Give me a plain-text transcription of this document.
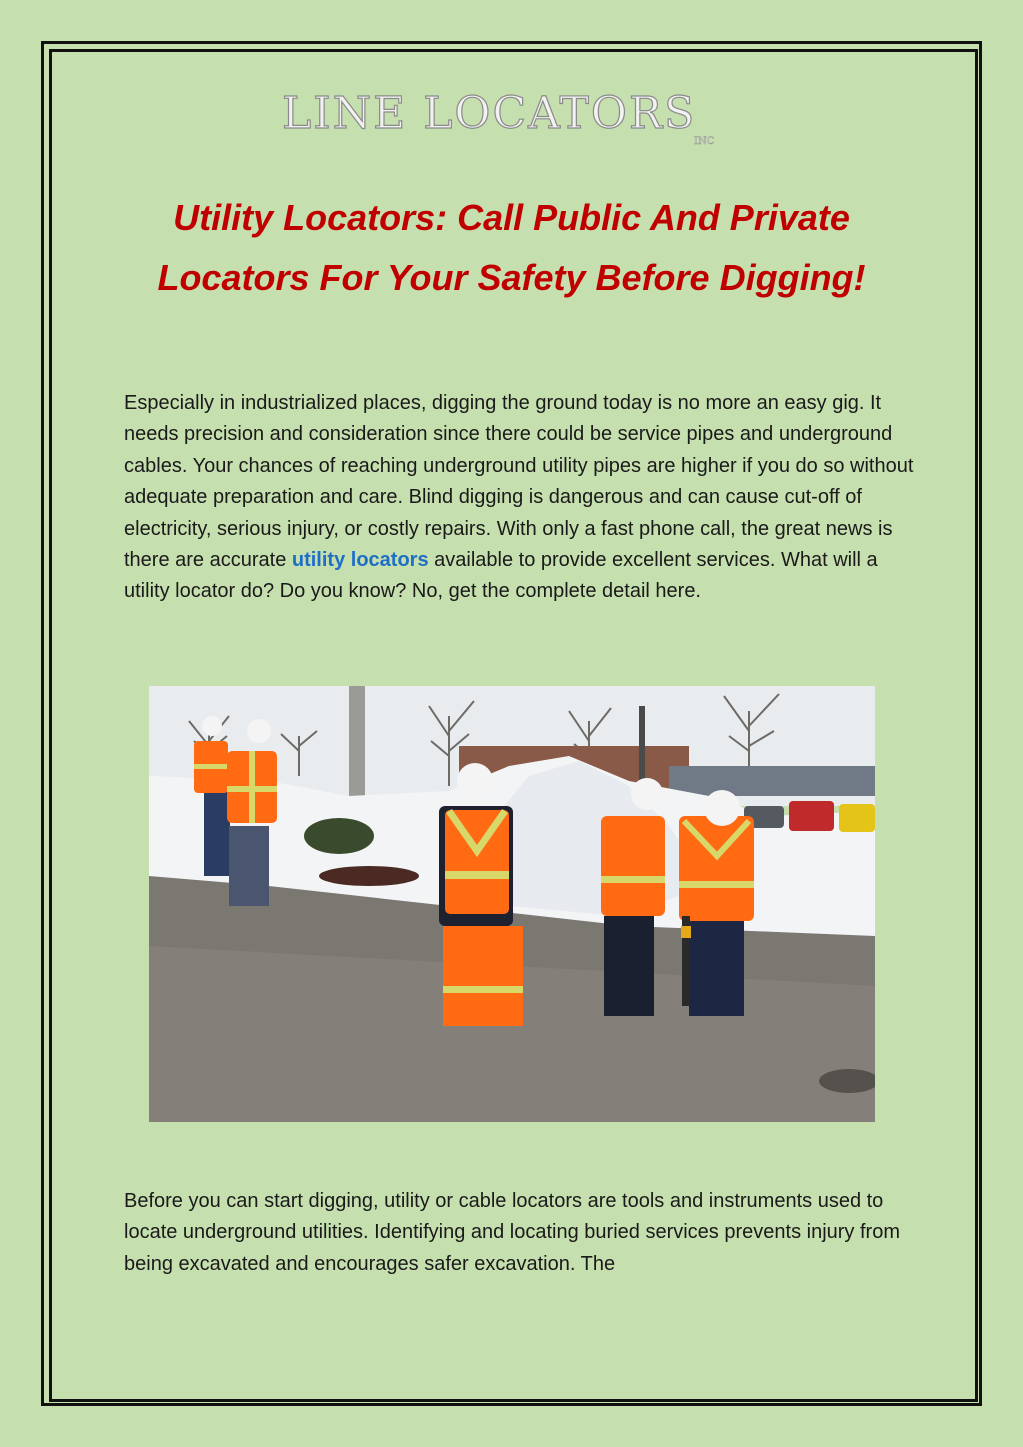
LINE LOCATORS
INC
Utility Locators: Call Public And Private
Locators For Your Safety Before Digging!

Especially in industrialized places, digging the ground today is no more an easy gig. It needs precision and consideration since there could be service pipes and underground cables. Your chances of reaching underground utility pipes are higher if you do so without adequate preparation and care. Blind digging is dangerous and can cause cut-off of electricity, serious injury, or costly repairs. With only a fast phone call, the great news is there are accurate utility locators available to provide excellent services. What will a utility locator do? Do you know? No, get the complete detail here.

Before you can start digging, utility or cable locators are tools and instruments used to locate underground utilities. Identifying and locating buried services prevents injury from being excavated and encourages safer excavation. The
